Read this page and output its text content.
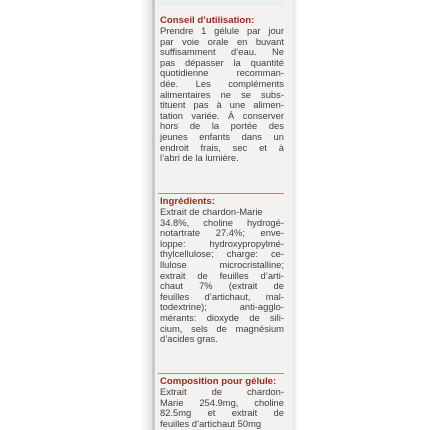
Conseil d’utilisation:

Prendre 1 gélule par jour
par voie orale en buvant
suffisamment d’eau. Ne
pas dépasser la quantité
quotidienne	recomman-
dée. Les compléments
alimentaires ne se subs-
tituent pas à une alimen-
tation variée. À conserver
hors de la portée des
jeunes enfants dans un
endroit frais, sec et à
l’abri de la lumière.

Ingrédients:

Extrait de chardon-Marie
34.8%, choline hydrogé-
notartrate 27.4%; enve-
loppe:	hydroxypropylmé-
thylcellulose; charge: ce-
llulose	microcristalline;
extrait de feuilles d’arti-
chaut 7% (extrait de
feuilles d’artichaut, mal-
todextrine);	anti-agglo-
mérants: dioxyde de sili-
cium, sels de magnésium
d’acides gras.

Composition pour gélule:

Extrait	de	chardon-
Marie 254.9mg, choline
82.5mg et extrait de
feuilles d’artichaut 50mg
